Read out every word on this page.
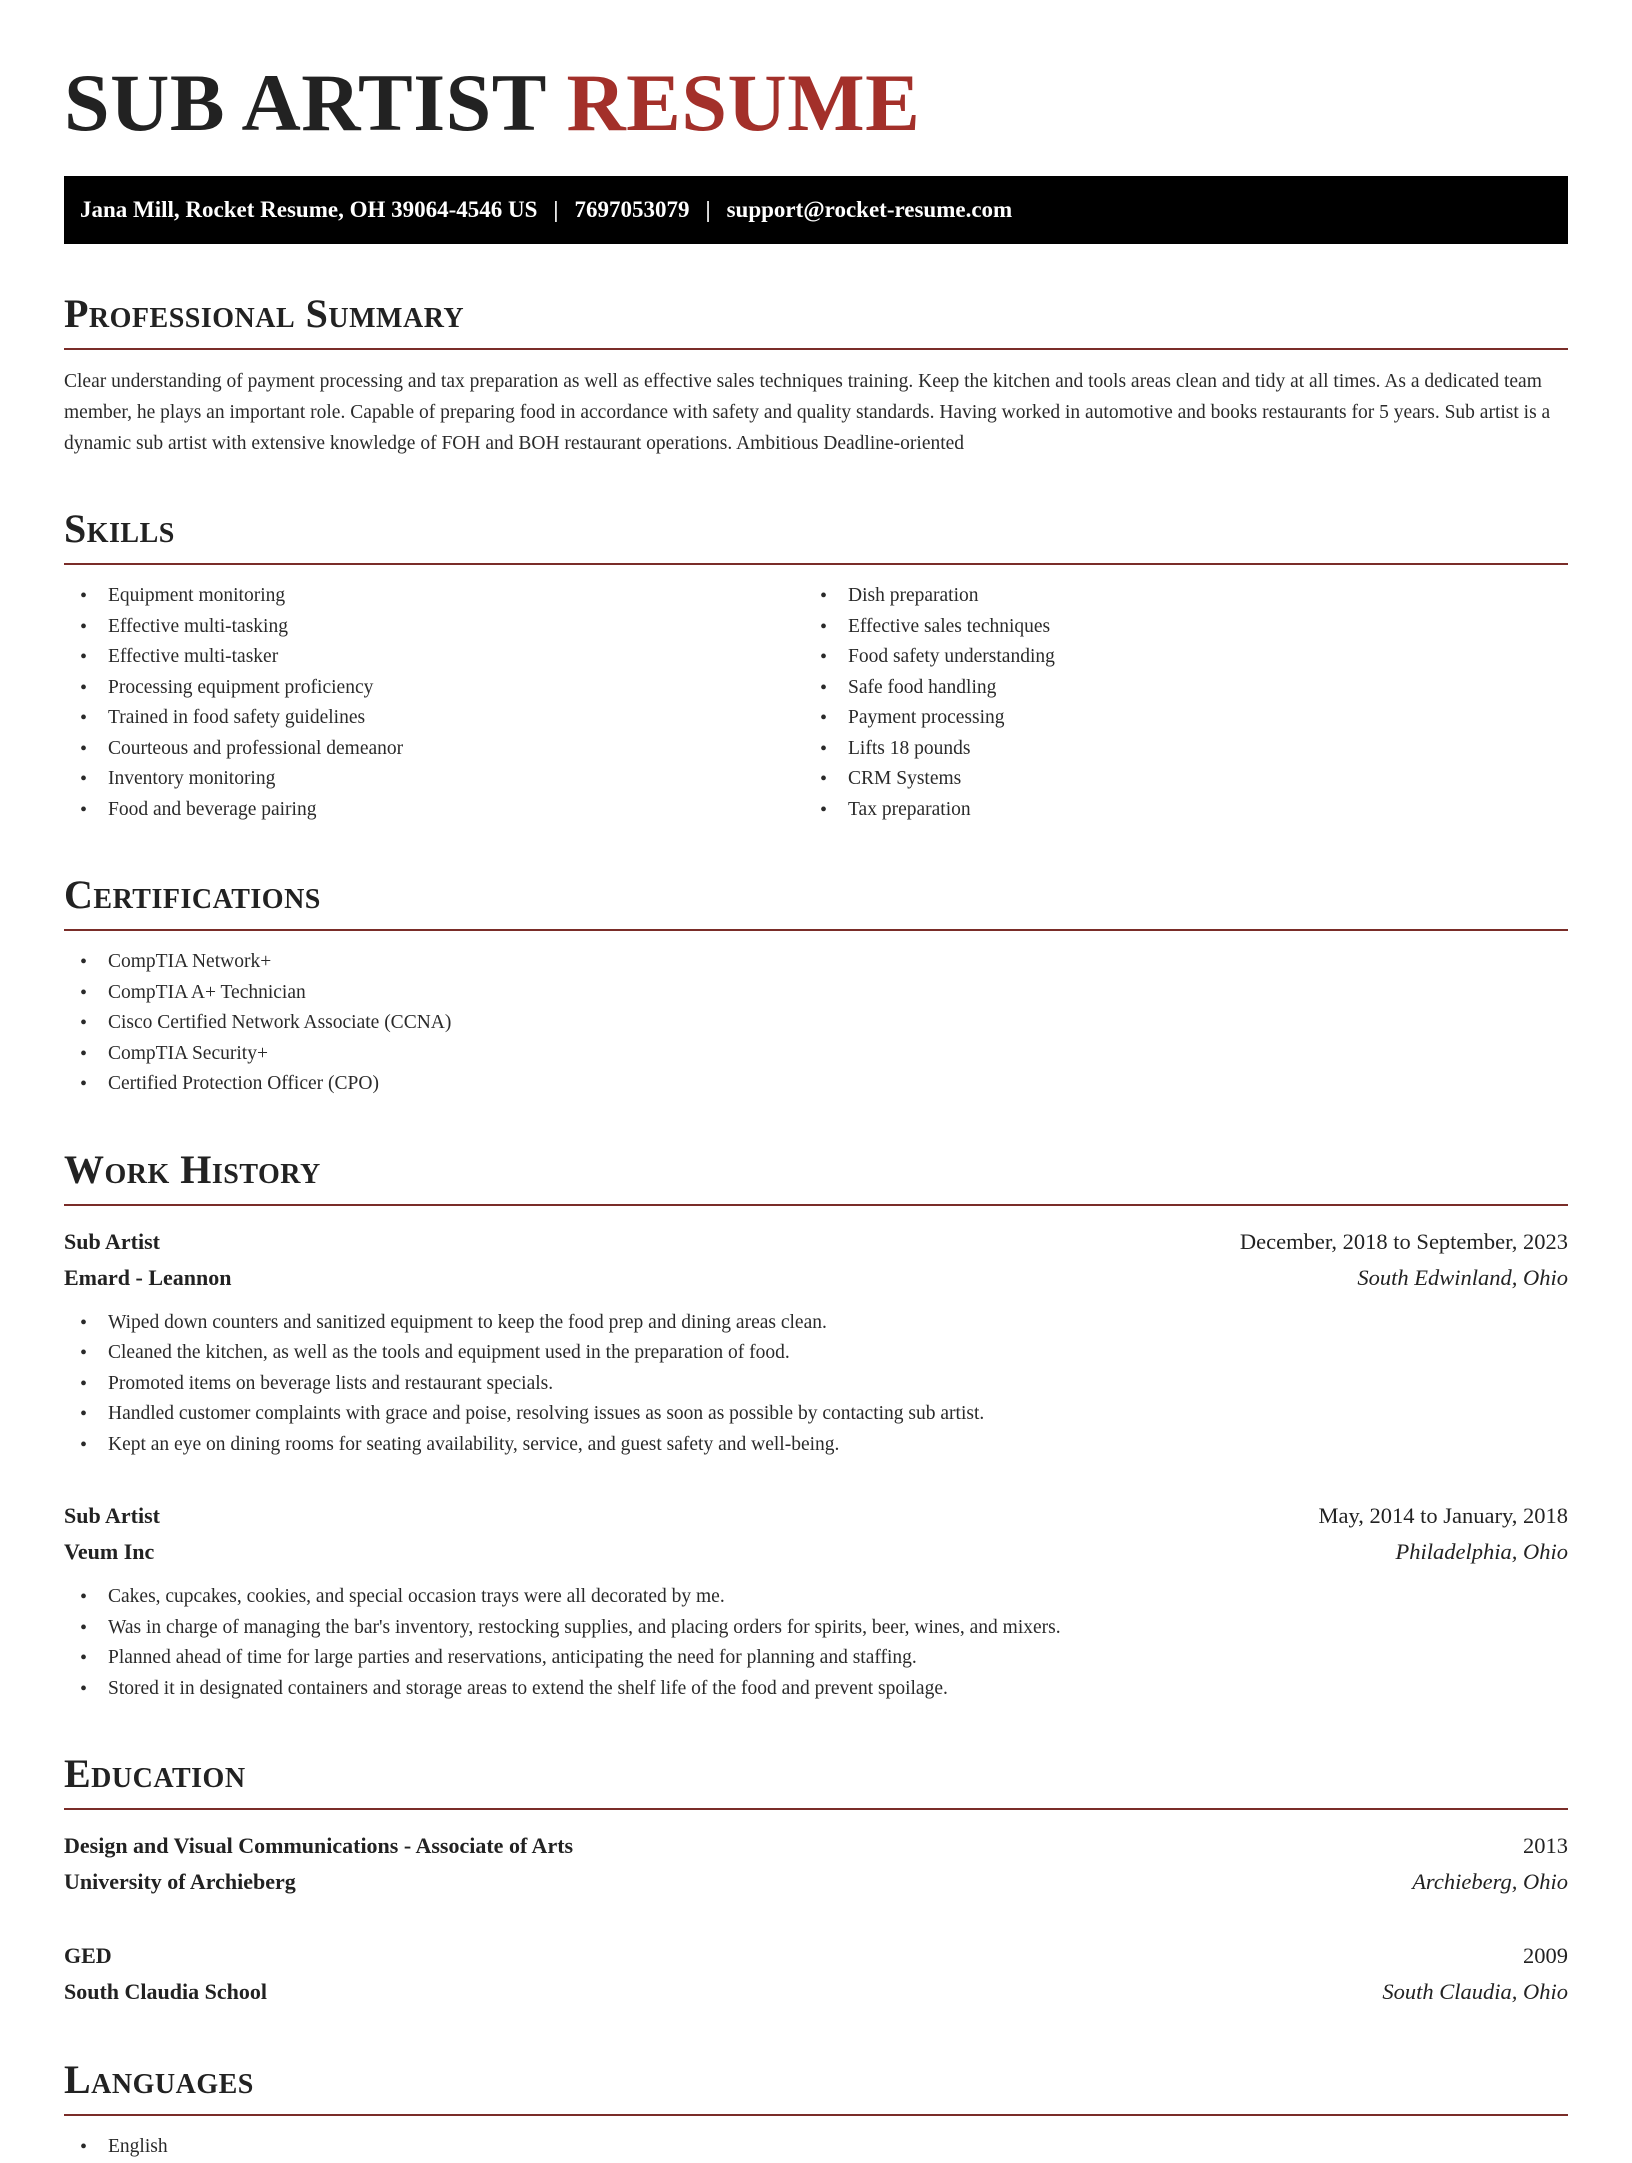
SUB ARTIST RESUME
Jana Mill, Rocket Resume, OH 39064-4546 US | 7697053079 | support@rocket-resume.com
Professional Summary

Clear understanding of payment processing and tax preparation as well as effective sales techniques training. Keep the kitchen and tools areas clean and tidy at all times. As a dedicated team member, he plays an important role. Capable of preparing food in accordance with safety and quality standards. Having worked in automotive and books restaurants for 5 years. Sub artist is a dynamic sub artist with extensive knowledge of FOH and BOH restaurant operations. Ambitious Deadline-oriented

Skills
• Equipment monitoring
• Effective multi-tasking
• Effective multi-tasker
• Processing equipment proficiency
• Trained in food safety guidelines
• Courteous and professional demeanor
• Inventory monitoring
• Food and beverage pairing
• Dish preparation
• Effective sales techniques
• Food safety understanding
• Safe food handling
• Payment processing
• Lifts 18 pounds
• CRM Systems
• Tax preparation
Certifications
• CompTIA Network+
• CompTIA A+ Technician
• Cisco Certified Network Associate (CCNA)
• CompTIA Security+
• Certified Protection Officer (CPO)
Work History
Sub Artist	December, 2018 to September, 2023
Emard - Leannon	South Edwinland, Ohio
• Wiped down counters and sanitized equipment to keep the food prep and dining areas clean.
• Cleaned the kitchen, as well as the tools and equipment used in the preparation of food.
• Promoted items on beverage lists and restaurant specials.
• Handled customer complaints with grace and poise, resolving issues as soon as possible by contacting sub artist.
• Kept an eye on dining rooms for seating availability, service, and guest safety and well-being.
Sub Artist	May, 2014 to January, 2018
Veum Inc	Philadelphia, Ohio
• Cakes, cupcakes, cookies, and special occasion trays were all decorated by me.
• Was in charge of managing the bar's inventory, restocking supplies, and placing orders for spirits, beer, wines, and mixers.
• Planned ahead of time for large parties and reservations, anticipating the need for planning and staffing.
• Stored it in designated containers and storage areas to extend the shelf life of the food and prevent spoilage.
Education
Design and Visual Communications - Associate of Arts	2013
University of Archieberg	Archieberg, Ohio
GED	2009
South Claudia School	South Claudia, Ohio
Languages
• English
